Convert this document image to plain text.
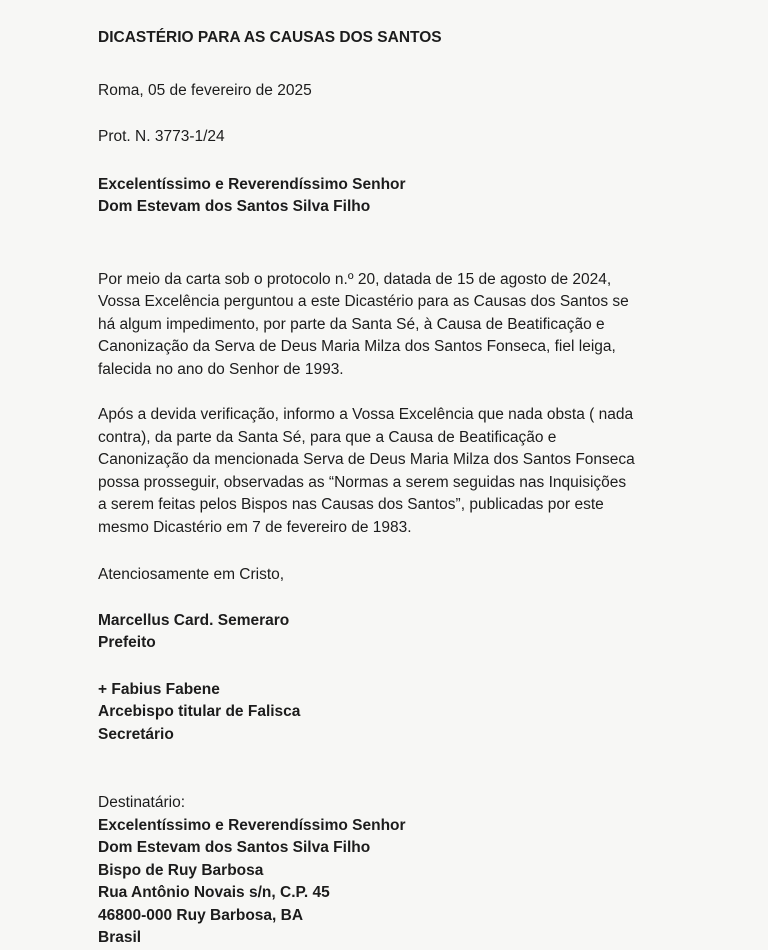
DICASTÉRIO PARA AS CAUSAS DOS SANTOS

Roma, 05 de fevereiro de 2025

Prot. N. 3773-1/24

Excelentíssimo e Reverendíssimo Senhor
Dom Estevam dos Santos Silva Filho
Por meio da carta sob o protocolo n.º 20, datada de 15 de agosto de 2024,
Vossa Excelência perguntou a este Dicastério para as Causas dos Santos se
há algum impedimento, por parte da Santa Sé, à Causa de Beatificação e
Canonização da Serva de Deus Maria Milza dos Santos Fonseca, fiel leiga,
falecida no ano do Senhor de 1993.
Após a devida verificação, informo a Vossa Excelência que nada obsta ( nada
contra), da parte da Santa Sé, para que a Causa de Beatificação e
Canonização da mencionada Serva de Deus Maria Milza dos Santos Fonseca
possa prosseguir, observadas as “Normas a serem seguidas nas Inquisições
a serem feitas pelos Bispos nas Causas dos Santos”, publicadas por este
mesmo Dicastério em 7 de fevereiro de 1983.

Atenciosamente em Cristo,

Marcellus Card. Semeraro
Prefeito
+ Fabius Fabene
Arcebispo titular de Falisca
Secretário
Destinatário:
Excelentíssimo e Reverendíssimo Senhor
Dom Estevam dos Santos Silva Filho
Bispo de Ruy Barbosa
Rua Antônio Novais s/n, C.P. 45
46800-000 Ruy Barbosa, BA
Brasil
